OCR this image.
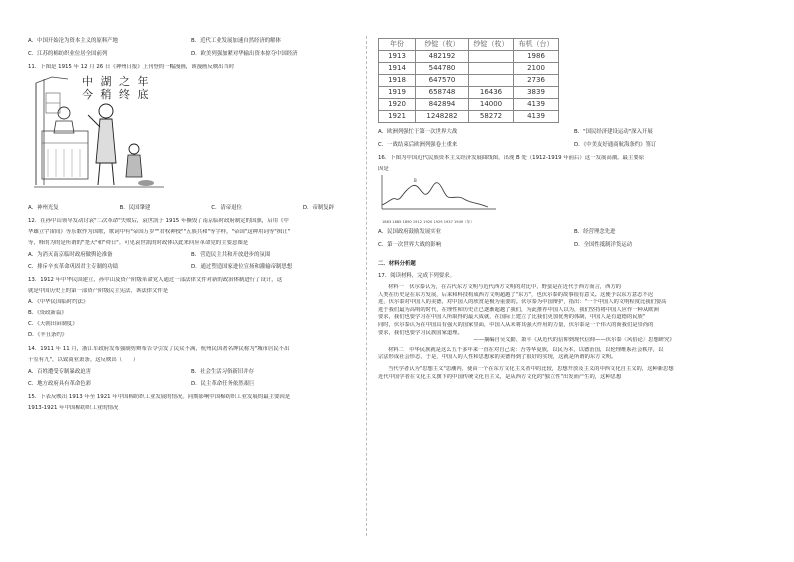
A．中国开始沦为资本主义的原料产地	B．近代工业发展加速自然经济的解体
C．江苏的棉纺织业位居全国前列	D．欧美列强加紧对华输出资本掠夺中国经济
11．下图是 1915 年 12 月 26 日《神州日报》上刊登的一幅漫画，该漫画反映出当时
中 湖 之 年 今 稍 终 底
A．神州光复	B．民国肇建	C．清帝退位	D．帝制复辟
12．在孙中山领导发动讨袁"二次革命"失败后，袁世凯于 1915 年撕毁了南京临时政府制定的国旗，启用《中
华雄立宇宙间》等乐歌作为国歌，歌词中有"帝国万岁""君权神授""五族共和"等字样，"帝国"这种用词等"揖让"
等，释的为的是所谓的"尧天"和"舜日"。可见袁世凯的时政体以此来回应革命党的主要意图是
A．为消灭南京临时政府做舆论准备	B．营造民主共和开放进步的氛围
C．排斥辛亥革命巩固君主专制的功绩	D．通过塑造国家进位宣扬和灌输帝制思想
13．1912 年中华民国建立，孙中山及资产阶级革命党人通过一部法律文件对新的政治体制进行了设计，这
就是中国历史上的第一部资产阶级民主宪法，该法律文件是
A．《中华民国临时约法》
B．《资政新篇》
C．《天朝田亩制度》
D．《辛丑条约》
14．1911 年 11 月，浙江军政府发布强制剪辫布告令引发了民众不满，杭州民国著名绅民称为"城市居民不出
十室有九"，以致商业萧条。这反映出（　　）
A．百姓遭受专制暴政迫害	B．社会生活习俗新旧并存
C．地方政府具有革命色彩	D．民主革命任务依然艰巨
15．下表反映出 1913 年至 1921 年中国棉纺织工业发展的情况。同期影响中国棉纺织工业发展的最主要因是
1913-1921 年中国棉纺织工业的情况
年份	纱锭（枚）	纱锭（枚）	布机（台）
1913	482192		1986
1914	544780		2100
1918	647570		2736
1919	658748	16436	3839
1920	842894	14000	4139
1921	1248282	58272	4139
A．欧洲列强忙于第一次世界大战	B．"国民经济建设运动"深入开展
C．一战结束后欧洲列强卷土重来	D．《中美友好通商航海条约》签订
16．下图为中国近代民族资本主义经济发展曲线图。出现 B 处（1912-1919 年前后）这一发展高潮，最主要原
因是
B
1863 1885 1890 1912 1920 1929 1937 1949（年）
A．民国政府鼓励发展实业	B．经营理念先进
C．第一次世界大战的影响	D．全国性抵制洋货运动
二．材料分析题
17．阅读材料，完成下列要求。
材料一　伏尔泰认为，在古代东方文明与近代西方文明的对比中，野蛮是在近代于西方而言，西方的
人类在历史是在东方发展，后来和科技构成西方文明超越了"东方"，也伏尔泰的故事很有意义。这便予以东方意态不迟
进，伏尔泰对中国人的美德，对中国人的欣赏是极为重要的。伏尔泰为中国辩护，指出："一个中国人的文明程度比我们要高
进于我们最为高明的时代，在理性和历史正已逐渐超越了我们，为此推荐中国人以为，我们坚持将中国人应作一种从欧洲
要求，我们也要学习在中国人所取得的最大成就，在国际上建立了比我们更加优秀的体制，中国人是有道德的民族"
同时，伏尔泰认为在中国具有强大的国家里面，中国人从未将其强大作用的力量，伏尔泰是一个伟大的而我们是崇尚的
要求，我们也要学习民族国家道理。
——摘编自吴义勤、萧平《从近代的信仰到现代信仰——伏尔泰〈风俗论〉思想研究》
材料二　中华民族就是这么五千多年来一直在对自己说：吾等华夏族，以民为本，以德治国，以伦理维系社会秩序，以
宗法形成社会形态，于是，中国人的人性和思想家的美德得到了很好的实现，这就是所谓的东方文明。
当代学者认为"思想主义"思潮内，使由一个在东方文化主义者中的比较，思想开放及主义的中西文化自主义的，这种新思想
近代中国学者在文化主义旗下的中国传统文化自主义，是从西方文化的"独立性"出发而产生的，这种思想
